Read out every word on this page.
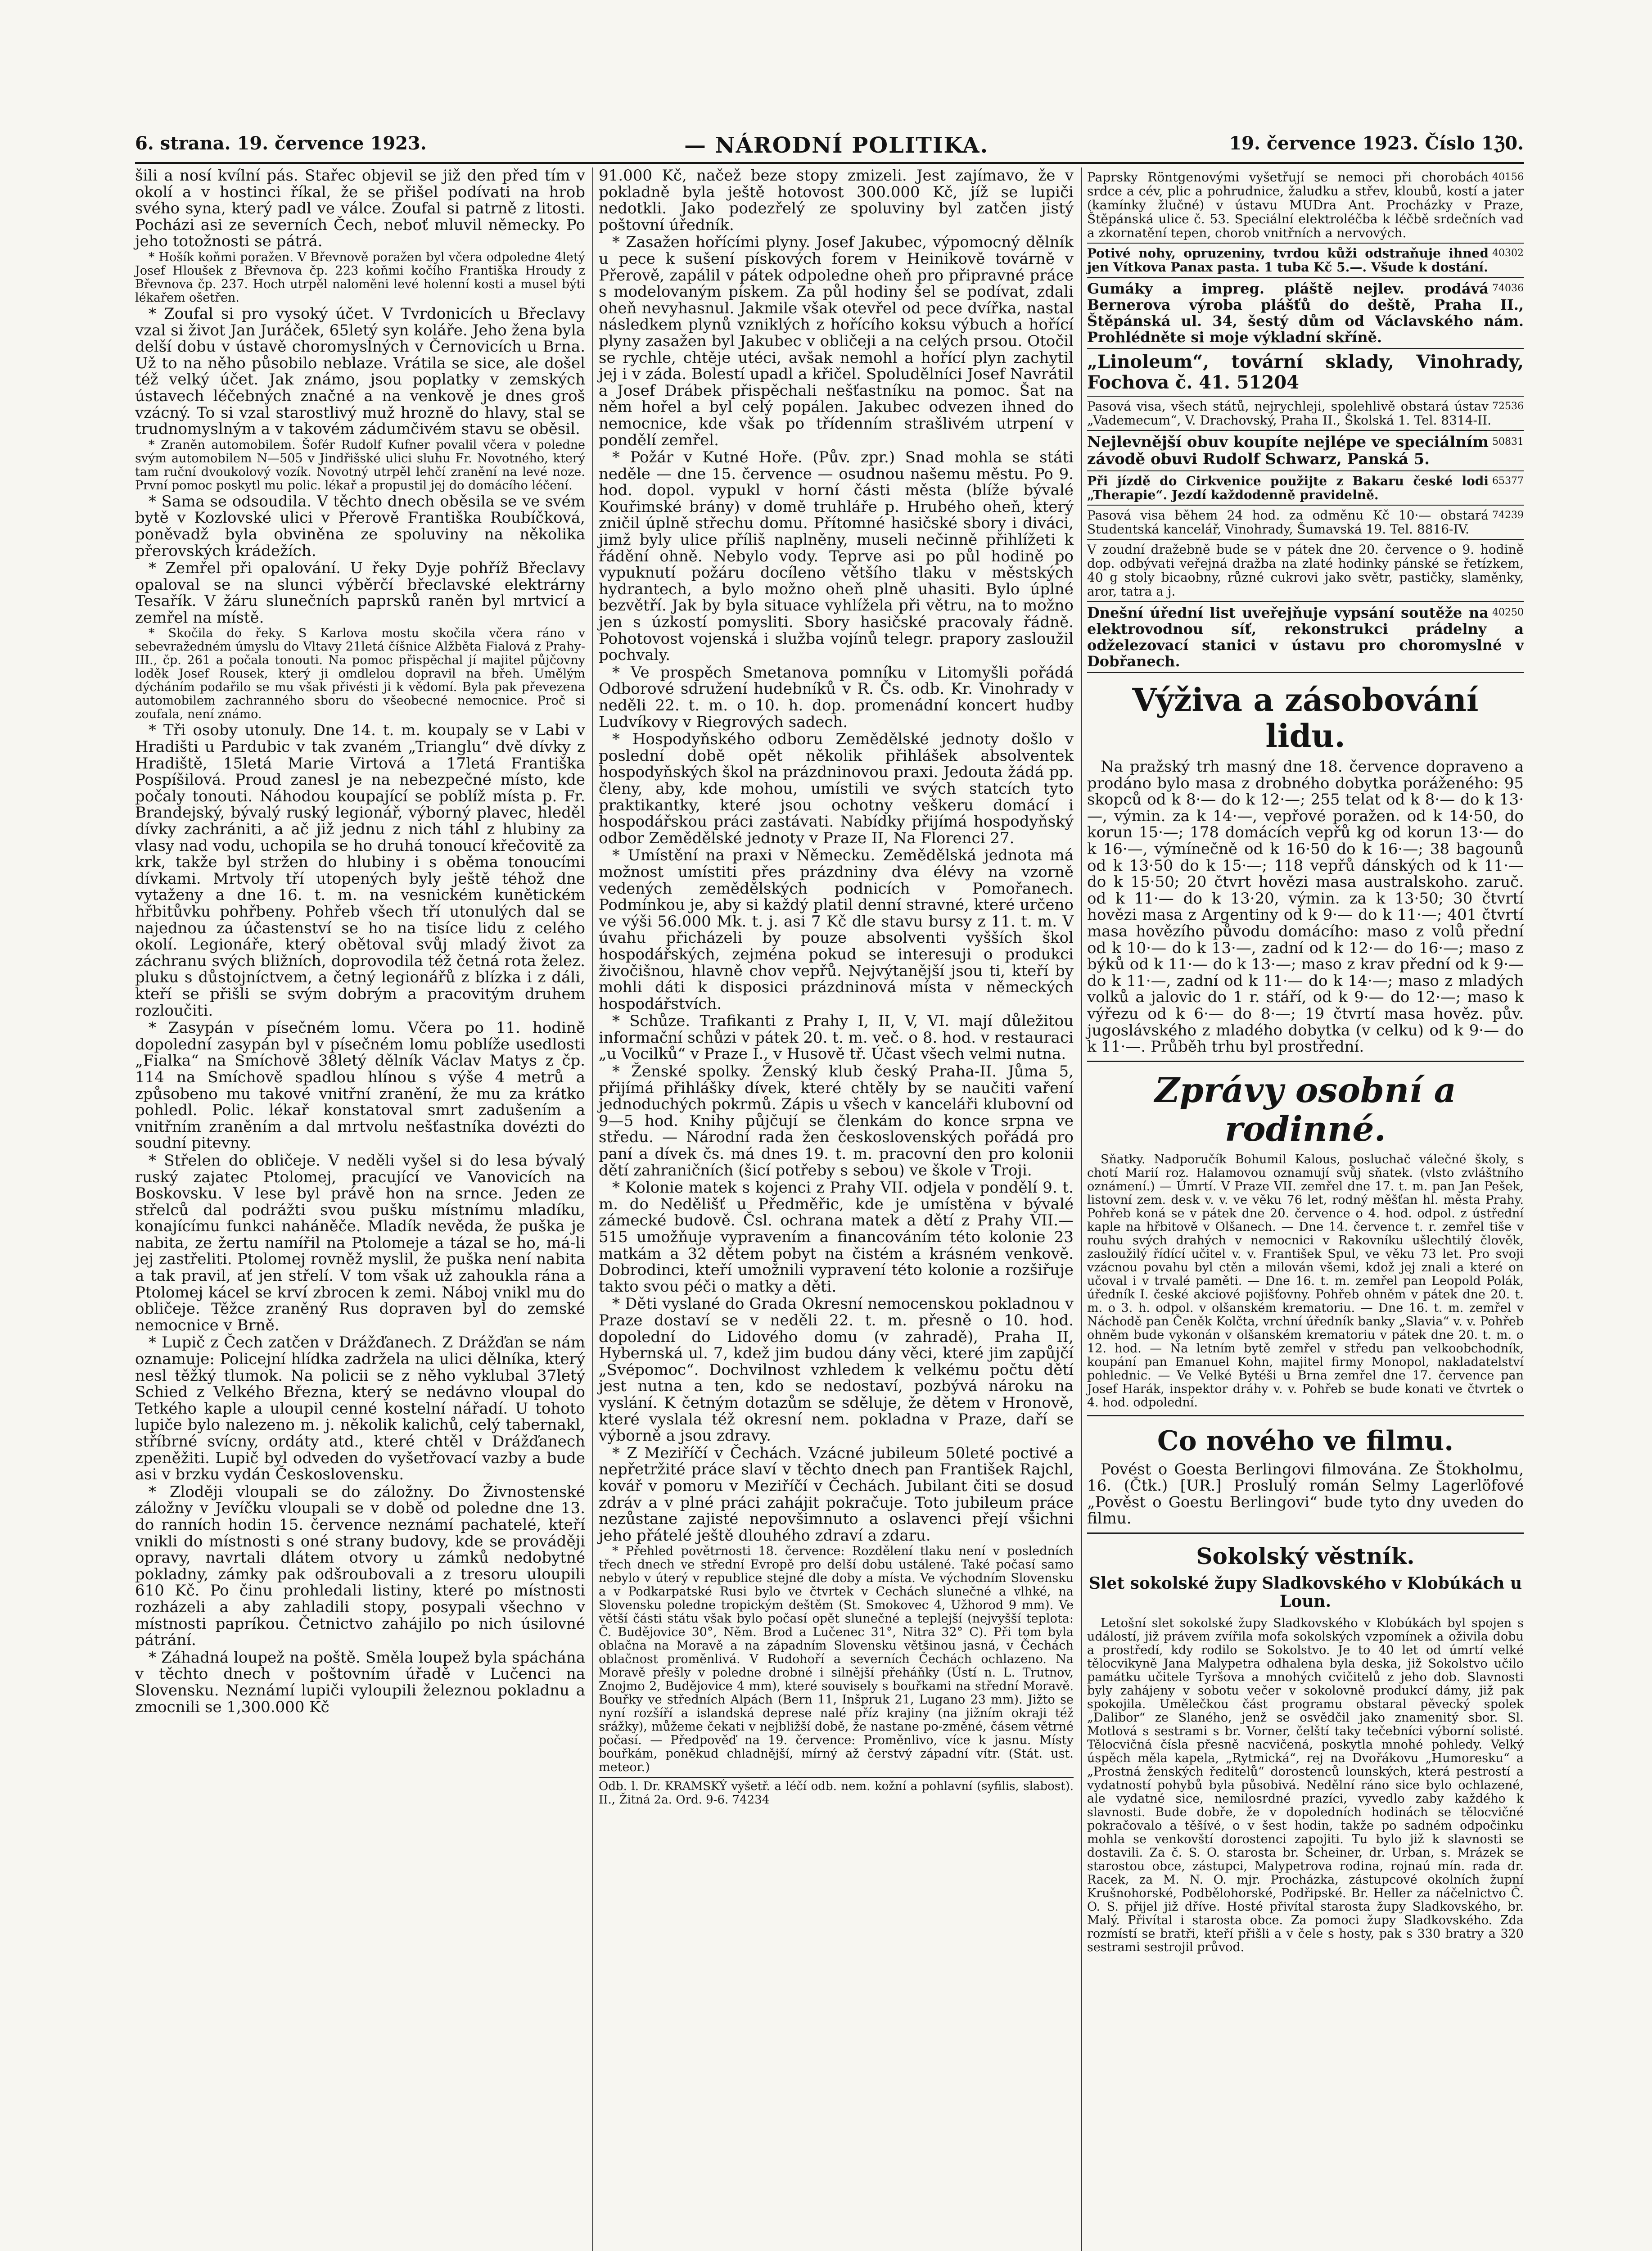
6. strana. 19. července 1923.	— NÁRODNÍ POLITIKA.	19. července 1923. Číslo 1ℨ0.

šili a nosí kvílní pás. Stařec objevil se již den před tím v okolí a v hostinci říkal, že se přišel podívati na hrob svého syna, který padl ve válce. Zoufal si patrně z litosti. Pocházi asi ze severních Čech, neboť mluvil německy. Po jeho totožnosti se pátrá.

* Hošík koňmi poražen. V Břevnově poražen byl včera odpoledne 4letý Josef Hloušek z Břevnova čp. 223 koňmi kočího Františka Hroudy z Břevnova čp. 237. Hoch utrpěl naloměni levé holenní kosti a musel býti lékařem ošetřen.

* Zoufal si pro vysoký účet. V Tvrdonicích u Břeclavy vzal si život Jan Juráček, 65letý syn koláře. Jeho žena byla delší dobu v ústavě choromyslných v Černovicích u Brna. Už to na něho působilo neblaze. Vrátila se sice, ale došel též velký účet. Jak známo, jsou poplatky v zemských ústavech léčebných značné a na venkově je dnes groš vzácný. To si vzal starostlivý muž hrozně do hlavy, stal se trudnomyslným a v takovém zádumčivém stavu se oběsil.

* Zraněn automobilem. Šofér Rudolf Kufner povalil včera v poledne svým automobilem N—505 v Jindřišské ulici sluhu Fr. Novotného, který tam ruční dvoukolový vozík. Novotný utrpěl lehčí zranění na levé noze. První pomoc poskytl mu polic. lékař a propustil jej do domácího léčení.

* Sama se odsoudila. V těchto dnech oběsila se ve svém bytě v Kozlovské ulici v Přerově Františka Roubíčková, poněvadž byla obviněna ze spoluviny na několika přerovských krádežích.

* Zemřel při opalování. U řeky Dyje pohříž Břeclavy opaloval se na slunci výběrčí břeclavské elektrárny Tesařík. V žáru slunečních paprsků raněn byl mrtvicí a zemřel na místě.

* Skočila do řeky. S Karlova mostu skočila včera ráno v sebevražedném úmyslu do Vltavy 21letá číšnice Alžběta Fialová z Prahy-III., čp. 261 a počala tonouti. Na pomoc přispěchal jí majitel půjčovny loděk Josef Rousek, který ji omdlelou dopravil na břeh. Umělým dýcháním podařilo se mu však přivésti ji k vědomí. Byla pak převezena automobilem zachranného sboru do všeobecné nemocnice. Proč si zoufala, není známo.

* Tři osoby utonuly. Dne 14. t. m. koupaly se v Labi v Hradišti u Pardubic v tak zvaném „Trianglu“ dvě dívky z Hradiště, 15letá Marie Virtová a 17letá Františka Pospíšilová. Proud zanesl je na nebezpečné místo, kde počaly tonouti. Náhodou koupající se poblíž místa p. Fr. Brandejský, bývalý ruský legionář, výborný plavec, hleděl dívky zachrániti, a ač již jednu z nich táhl z hlubiny za vlasy nad vodu, uchopila se ho druhá tonoucí křečovitě za krk, takže byl stržen do hlubiny i s oběma tonoucími dívkami. Mrtvoly tří utopených byly ještě téhož dne vytaženy a dne 16. t. m. na vesnickém kunětickém hřbitůvku pohřbeny. Pohřeb všech tří utonulých dal se najednou za účastenství se ho na tisíce lidu z celého okolí. Legionáře, který obětoval svůj mladý život za záchranu svých bližních, doprovodila též četná rota želez. pluku s důstojníctvem, a četný legionářů z blízka i z dáli, kteří se přišli se svým dobrým a pracovitým druhem rozloučiti.

* Zasypán v písečném lomu. Včera po 11. hodině dopolední zasypán byl v písečném lomu poblíže usedlosti „Fialka“ na Smíchově 38letý dělník Václav Matys z čp. 114 na Smíchově spadlou hlínou s výše 4 metrů a způsobeno mu takové vnitřní zranění, že mu za krátko pohledl. Polic. lékař konstatoval smrt zadušením a vnitřním zraněním a dal mrtvolu nešťastníka dovézti do soudní pitevny.

* Střelen do obličeje. V neděli vyšel si do lesa bývalý ruský zajatec Ptolomej, pracující ve Vanovicích na Boskovsku. V lese byl právě hon na srnce. Jeden ze střelců dal podrážti svou pušku místnímu mladíku, konajícímu funkci naháněče. Mladík nevěda, že puška je nabita, ze žertu namířil na Ptolomeje a tázal se ho, má-li jej zastřeliti. Ptolomej rovněž myslil, že puška není nabita a tak pravil, ať jen střelí. V tom však už zahoukla rána a Ptolomej kácel se krví zbrocen k zemi. Náboj vnikl mu do obličeje. Těžce zraněný Rus dopraven byl do zemské nemocnice v Brně.

* Lupič z Čech zatčen v Drážďanech. Z Drážďan se nám oznamuje: Policejní hlídka zadržela na ulici dělníka, který nesl těžký tlumok. Na policii se z něho vyklubal 37letý Schied z Velkého Března, který se nedávno vloupal do Tetkého kaple a uloupil cenné kostelní nářadí. U tohoto lupiče bylo nalezeno m. j. několik kalichů, celý tabernakl, stříbrné svícny, ordáty atd., které chtěl v Drážďanech zpeněžiti. Lupič byl odveden do vyšetřovací vazby a bude asi v brzku vydán Československu.

* Zloději vloupali se do záložny. Do Živnostenské záložny v Jevíčku vloupali se v době od poledne dne 13. do ranních hodin 15. července neznámí pachatelé, kteří vnikli do místnosti s oné strany budovy, kde se prováději opravy, navrtali dlátem otvory u zámků nedobytné pokladny, zámky pak odšroubovali a z tresoru uloupili 610 Kč. Po činu prohledali listiny, které po místnosti rozházeli a aby zahladili stopy, posypali všechno v místnosti papríkou. Četnictvo zahájilo po nich úsilovné pátrání.

* Záhadná loupež na poště. Směla loupež byla spáchána v těchto dnech v poštovním úřadě v Lučenci na Slovensku. Neznámí lupiči vyloupili železnou pokladnu a zmocnili se 1,300.000 Kč

91.000 Kč, načež beze stopy zmizeli. Jest zajímavo, že v pokladně byla ještě hotovost 300.000 Kč, jíž se lupiči nedotkli. Jako podezřelý ze spoluviny byl zatčen jistý poštovní úředník.

* Zasažen hořícími plyny. Josef Jakubec, výpomocný dělník u pece k sušení pískových forem v Heinikově továrně v Přerově, zapálil v pátek odpoledne oheň pro připravné práce s modelovaným pískem. Za půl hodiny šel se podívat, zdali oheň nevyhasnul. Jakmile však otevřel od pece dvířka, nastal následkem plynů vzniklých z hořícího koksu výbuch a hořící plyny zasažen byl Jakubec v obličeji a na celých prsou. Otočil se rychle, chtěje utéci, avšak nemohl a hořící plyn zachytil jej i v záda. Bolestí upadl a křičel. Spoludělníci Josef Navrátil a Josef Drábek přispěchali nešťastníku na pomoc. Šat na něm hořel a byl celý popálen. Jakubec odvezen ihned do nemocnice, kde však po třídenním strašlivém utrpení v pondělí zemřel.

* Požár v Kutné Hoře. (Pův. zpr.) Snad mohla se státi neděle — dne 15. července — osudnou našemu městu. Po 9. hod. dopol. vypukl v horní části města (blíže bývalé Kouřimské brány) v domě truhláře p. Hrubého oheň, který zničil úplně střechu domu. Přítomné hasičské sbory i diváci, jimž byly ulice příliš naplněny, museli nečinně přihlížeti k řádění ohně. Nebylo vody. Teprve asi po půl hodině po vypuknutí požáru docíleno většího tlaku v městských hydrantech, a bylo možno oheň plně uhasiti. Bylo úplné bezvětří. Jak by byla situace vyhlížela při větru, na to možno jen s úzkostí pomysliti. Sbory hasičské pracovaly řádně. Pohotovost vojenská i služba vojínů telegr. prapory zasloužil pochvaly.

* Ve prospěch Smetanova pomníku v Litomyšli pořádá Odborové sdružení hudebníků v R. Čs. odb. Kr. Vinohrady v neděli 22. t. m. o 10. h. dop. promenádní koncert hudby Ludvíkovy v Riegrových sadech.

* Hospodyňského odboru Zemědělské jednoty došlo v poslední době opět několik přihlášek absolventek hospodyňských škol na prázdninovou praxi. Jedouta žádá pp. členy, aby, kde mohou, umístili ve svých statcích tyto praktikantky, které jsou ochotny veškeru domácí i hospodářskou práci zastávati. Nabídky přijímá hospodyňský odbor Zemědělské jednoty v Praze II, Na Florenci 27.

* Umístění na praxi v Německu. Zemědělská jednota má možnost umístiti přes prázdniny dva élévy na vzorně vedených zemědělských podnicích v Pomořanech. Podmínkou je, aby si každý platil denní stravné, které určeno ve výši 56.000 Mk. t. j. asi 7 Kč dle stavu bursy z 11. t. m. V úvahu přicházeli by pouze absolventi vyšších škol hospodářských, zejména pokud se interesuji o produkci živočišnou, hlavně chov vepřů. Nejvýtanější jsou ti, kteří by mohli dáti k disposici prázdninová místa v německých hospodářstvích.

* Schůze. Trafikanti z Prahy I, II, V, VI. mají důležitou informační schůzi v pátek 20. t. m. več. o 8. hod. v restauraci „u Vocilků“ v Praze I., v Husově tř. Účast všech velmi nutna.

* Ženské spolky. Ženský klub český Praha-II. Jůma 5, přijímá přihlášky dívek, které chtěly by se naučiti vaření jednoduchých pokrmů. Zápis u všech v kanceláři klubovní od 9—5 hod. Knihy půjčují se členkám do konce srpna ve středu. — Národní rada žen československých pořádá pro paní a dívek čs. má dnes 19. t. m. pracovní den pro kolonii dětí zahraničních (šicí potřeby s sebou) ve škole v Troji.

* Kolonie matek s kojenci z Prahy VII. odjela v pondělí 9. t. m. do Nedělišť u Předměřic, kde je umístěna v bývalé zámecké budově. Čsl. ochrana matek a dětí z Prahy VII.—515 umožňuje vypravením a financováním této kolonie 23 matkám a 32 dětem pobyt na čistém a krásném venkově. Dobrodinci, kteří umožnili vypravení této kolonie a rozšiřuje takto svou péči o matky a děti.

* Děti vyslané do Grada Okresní nemocenskou pokladnou v Praze dostaví se v neděli 22. t. m. přesně o 10. hod. dopolední do Lidového domu (v zahradě), Praha II, Hybernská ul. 7, kdež jim budou dány věci, které jim zapůjčí „Svépomoc“. Dochvilnost vzhledem k velkému počtu dětí jest nutna a ten, kdo se nedostaví, pozbývá nároku na vyslání. K četným dotazům se sděluje, že dětem v Hronově, které vyslala též okresní nem. pokladna v Praze, daří se výborně a jsou zdravy.

* Z Meziříčí v Čechách. Vzácné jubileum 50leté poctivé a nepřetržité práce slaví v těchto dnech pan František Rajchl, kovář v pomoru v Meziříčí v Čechách. Jubilant čiti se dosud zdráv a v plné práci zahájit pokračuje. Toto jubileum práce nezůstane zajisté nepovšimnuto a oslavenci přejí všichni jeho přátelé ještě dlouhého zdraví a zdaru.

* Přehled povětrnosti 18. července: Rozdělení tlaku není v posledních třech dnech ve střední Evropě pro delší dobu ustálené. Také počasí samo nebylo v úterý v republice stejné dle doby a místa. Ve východním Slovensku a v Podkarpatské Rusi bylo ve čtvrtek v Cechách slunečné a vlhké, na Slovensku poledne tropickým deštěm (St. Smokovec 4, Užhorod 9 mm). Ve větší části státu však bylo počasí opět slunečné a teplejší (nejvyšší teplota: Č. Budějovice 30°, Něm. Brod a Lučenec 31°, Nitra 32° C). Při tom byla oblačna na Moravě a na západním Slovensku většinou jasná, v Čechách oblačnost proměnlivá. V Rudohoří a severních Čechách ochlazeno. Na Moravě přešly v poledne drobné i silnější přeháňky (Ústí n. L. Trutnov, Znojmo 2, Budějovice 4 mm), které souvisely s bouřkami na střední Moravě. Bouřky ve středních Alpách (Bern 11, Inšpruk 21, Lugano 23 mm). Jižto se nyní rozšíří a islandská deprese nalé příz krajiny (na jižním okraji též srážky), můžeme čekati v nejbližší době, že nastane po-změné, čásem větrné počasí. — Předpověď na 19. července: Proměnlivo, více k jasnu. Místy bouřkám, poněkud chladnější, mírný až čerstvý západní vítr. (Stát. ust. meteor.)

Odb. l. Dr. KRAMSKÝ vyšetř. a léčí odb. nem. kožní a pohlavní (syfilis, slabost). II., Žitná 2a. Ord. 9-6. 74234
40156
Paprsky Röntgenovými vyšetřují se nemoci při chorobách srdce a cév, plic a pohrudnice, žaludku a střev, kloubů, kostí a jater (kamínky žlučné) v ústavu MUDra Ant. Procházky v Praze, Štěpánská ulice č. 53. Speciální elektroléčba k léčbě srdečních vad a zkornatění tepen, chorob vnitřních a nervových.
40302
Potivé nohy, opruzeniny, tvrdou kůži odstraňuje ihned jen Vítkova Panax pasta. 1 tuba Kč 5.—. Všude k dostání.
74036
Gumáky a impreg. pláště nejlev. prodává Bernerova výroba plášťů do deště, Praha II., Štěpánská ul. 34, šestý dům od Václavského nám. Prohlédněte si moje výkladní skříně.
„Linoleum“, tovární sklady, Vinohrady, Fochova č. 41. 51204
72536
Pasová visa, všech států, nejrychleji, spolehlivě obstará ústav „Vademecum“, V. Drachovský, Praha II., Školská 1. Tel. 8314-II.
50831
Nejlevnější obuv koupíte nejlépe ve speciálním závodě obuvi Rudolf Schwarz, Panská 5.
65377
Při jízdě do Cirkvenice použijte z Bakaru české lodi „Therapie“. Jezdí každodenně pravidelně.
74239
Pasová visa během 24 hod. za odměnu Kč 10·— obstará Studentská kancelář, Vinohrady, Šumavská 19. Tel. 8816-IV.
V zoudní dražebně bude se v pátek dne 20. července o 9. hodině dop. odbývati veřejná dražba na zlaté hodinky pánské se řetízkem, 40 g stoly bicaobny, různé cukrovi jako světr, pastičky, slaměnky, aror, tatra a j.
40250
Dnešní úřední list uveřejňuje vypsání soutěže na elektrovodnou síť, rekonstrukci prádelny a odželezovací stanici v ústavu pro choromyslné v Dobřanech.
Výživa a zásobování lidu.

Na pražský trh masný dne 18. července dopraveno a prodáno bylo masa z drobného dobytka poráženého: 95 skopců od k 8·— do k 12·—; 255 telat od k 8·— do k 13·—, výmin. za k 14·—, vepřové poražen. od k 14·50, do korun 15·—; 178 domácích vepřů kg od korun 13·— do k 16·—, výmínečně od k 16·50 do k 16·—; 38 bagounů od k 13·50 do k 15·—; 118 vepřů dánských od k 11·— do k 15·50; 20 čtvrt hovězi masa australskoho. zaruč. od k 11·— do k 13·20, výmin. za k 13·50; 30 čtvrtí hovězi masa z Argentiny od k 9·— do k 11·—; 401 čtvrtí masa hovězího původu domácího: maso z volů přední od k 10·— do k 13·—, zadní od k 12·— do 16·—; maso z býků od k 11·— do k 13·—; maso z krav přední od k 9·— do k 11·—, zadní od k 11·— do k 14·—; maso z mladých volků a jalovic do 1 r. stáří, od k 9·— do 12·—; maso k výřezu od k 6·— do 8·—; 19 čtvrtí masa hověz. pův. jugoslávského z mladého dobytka (v celku) od k 9·— do k 11·—. Průběh trhu byl prostřední.

Zprávy osobní a rodinné.

Sňatky. Nadporučík Bohumil Kalous, posluchač válečné školy, s chotí Marií roz. Halamovou oznamují svůj sňatek. (vlsto zvláštního oznámení.) — Úmrtí. V Praze VII. zemřel dne 17. t. m. pan Jan Pešek, listovní zem. desk v. v. ve věku 76 let, rodný měšťan hl. města Prahy. Pohřeb koná se v pátek dne 20. července o 4. hod. odpol. z ústřední kaple na hřbitově v Olšanech. — Dne 14. července t. r. zemřel tiše v rouhu svých drahých v nemocnici v Rakovníku ušlechtilý člověk, zasloužilý řídící učitel v. v. František Spul, ve věku 73 let. Pro svoji vzácnou povahu byl ctěn a milován všemi, kdož jej znali a které on učoval i v trvalé paměti. — Dne 16. t. m. zemřel pan Leopold Polák, úředník I. české akciové pojišťovny. Pohřeb ohněm v pátek dne 20. t. m. o 3. h. odpol. v olšanském krematoriu. — Dne 16. t. m. zemřel v Náchodě pan Čeněk Kolčta, vrchní úředník banky „Slavia“ v. v. Pohřeb ohněm bude vykonán v olšanském krematoriu v pátek dne 20. t. m. o 12. hod. — Na letním bytě zemřel v středu pan velkoobchodník, koupání pan Emanuel Kohn, majitel firmy Monopol, nakladatelství pohlednic. — Ve Velké Bytéši u Brna zemřel dne 17. července pan Josef Harák, inspektor dráhy v. v. Pohřeb se bude konati ve čtvrtek o 4. hod. odpolední.

Co nového ve filmu.

Povést o Goesta Berlingovi filmována. Ze Štokholmu, 16. (Čtk.) [UR.] Proslulý román Selmy Lagerlöfové „Pověst o Goestu Berlingovi“ bude tyto dny uveden do filmu.

Sokolský věstník.
Slet sokolské župy Sladkovského v Klobúkách u Loun.

Letošní slet sokolské župy Sladkovského v Klobúkách byl spojen s událostí, již právem zvířila mofa sokolských vzpomínek a oživila dobu a prostředí, kdy rodilo se Sokolstvo. Je to 40 let od úmrtí velké tělocvikyně Jana Malypetra odhalena byla deska, již Sokolstvo učilo památku učitele Tyršova a mnohých cvičitelů z jeho dob. Slavnosti byly zahájeny v sobotu večer v sokolovně produkcí dámy, již pak spokojila. Umělečkou část programu obstaral pěvecký spolek „Dalibor“ ze Slaného, jenž se osvědčil jako znamenitý sbor. Sl. Motlová s sestrami s br. Vorner, čelští taky tečebníci výborní solisté. Tělocvičná čísla přesně nacvičená, poskytla mnohé pohledy. Velký úspěch měla kapela, „Rytmická“, rej na Dvořákovu „Humoresku“ a „Prostná ženských ředitelů“ dorostenců lounských, která pestrostí a vydatností pohybů byla působivá. Nedělní ráno sice bylo ochlazené, ale vydatné sice, nemilosrdné prazíci, vyvedlo zaby každého k slavnosti. Bude dobře, že v dopoledních hodinách se tělocvičné pokračovalo a těšívé, o v šest hodin, takže po sadném odpočinku mohla se venkovští dorostenci zapojiti. Tu bylo již k slavnosti se dostavili. Za č. S. O. starosta br. Scheiner, dr. Urban, s. Mrázek se starostou obce, zástupci, Malypetrova rodina, rojnaú mín. rada dr. Racek, za M. N. O. mjr. Procházka, zástupcové okolních župní Krušnohorské, Podbělohorské, Podřipské. Br. Heller za náčelnictvo Č. O. S. přijel již dříve. Hosté přivítal starosta župy Sladkovského, br. Malý. Přivítal i starosta obce. Za pomoci župy Sladkovského. Zda rozmístí se bratři, kteří přišli a v čele s hosty, pak s 330 bratry a 320 sestrami sestrojil průvod.
